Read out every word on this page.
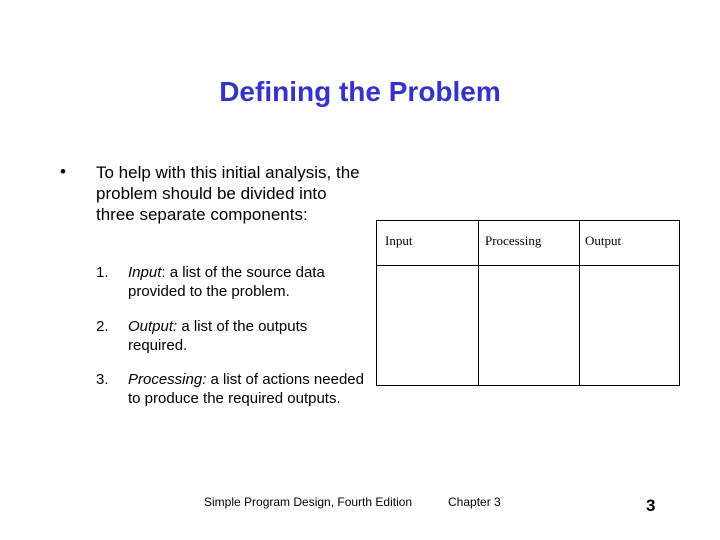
Defining the Problem
• To help with this initial analysis, the problem should be divided into three separate components:
1.	Input: a list of the source data provided to the problem.
2.	Output: a list of the outputs required.
3.	Processing: a list of actions needed to produce the required outputs.
Input	Processing	Output
Simple Program Design, Fourth Edition	Chapter 3	3
